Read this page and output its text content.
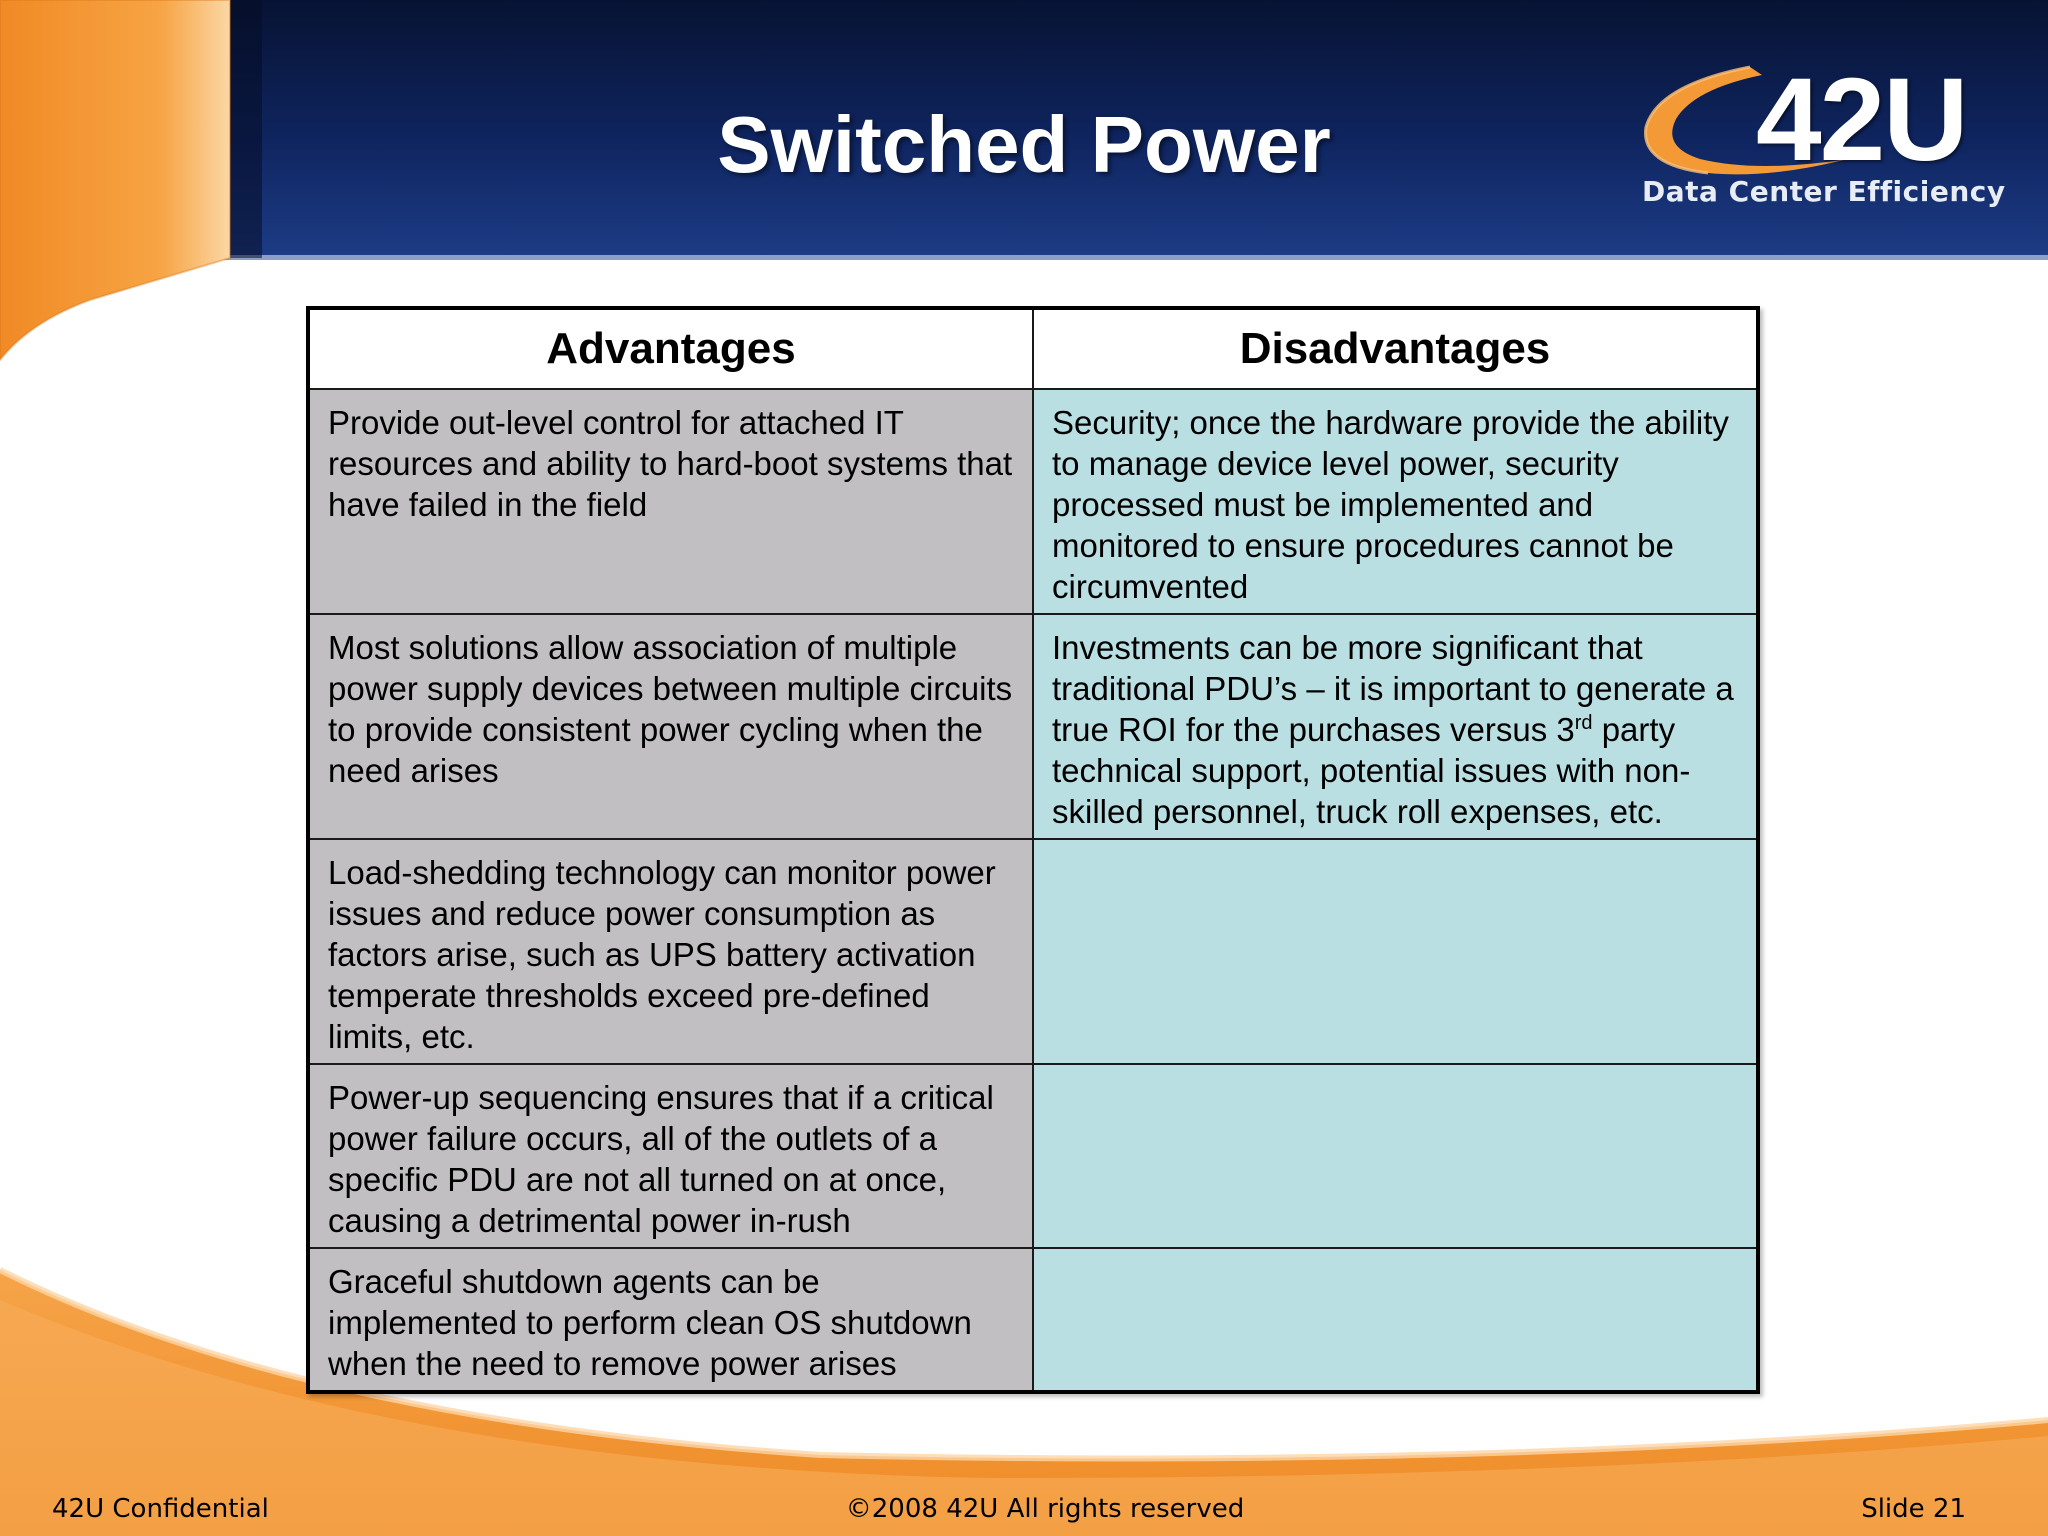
Switched Power	42U
Data Center Efficiency
Advantages	Disadvantages
Provide out-level control for attached IT resources and ability to hard-boot systems that have failed in the field	Security; once the hardware provide the ability to manage device level power, security processed must be implemented and monitored to ensure procedures cannot be circumvented
Most solutions allow association of multiple power supply devices between multiple circuits to provide consistent power cycling when the need arises	Investments can be more significant that traditional PDU’s – it is important to generate a true ROI for the purchases versus 3rd party technical support, potential issues with non-skilled personnel, truck roll expenses, etc.
Load-shedding technology can monitor power issues and reduce power consumption as factors arise, such as UPS battery activation temperate thresholds exceed pre-defined limits, etc.	
Power-up sequencing ensures that if a critical power failure occurs, all of the outlets of a specific PDU are not all turned on at once, causing a detrimental power in-rush	
Graceful shutdown agents can be implemented to perform clean OS shutdown when the need to remove power arises	
42U Confidential	©2008 42U All rights reserved	Slide 21
